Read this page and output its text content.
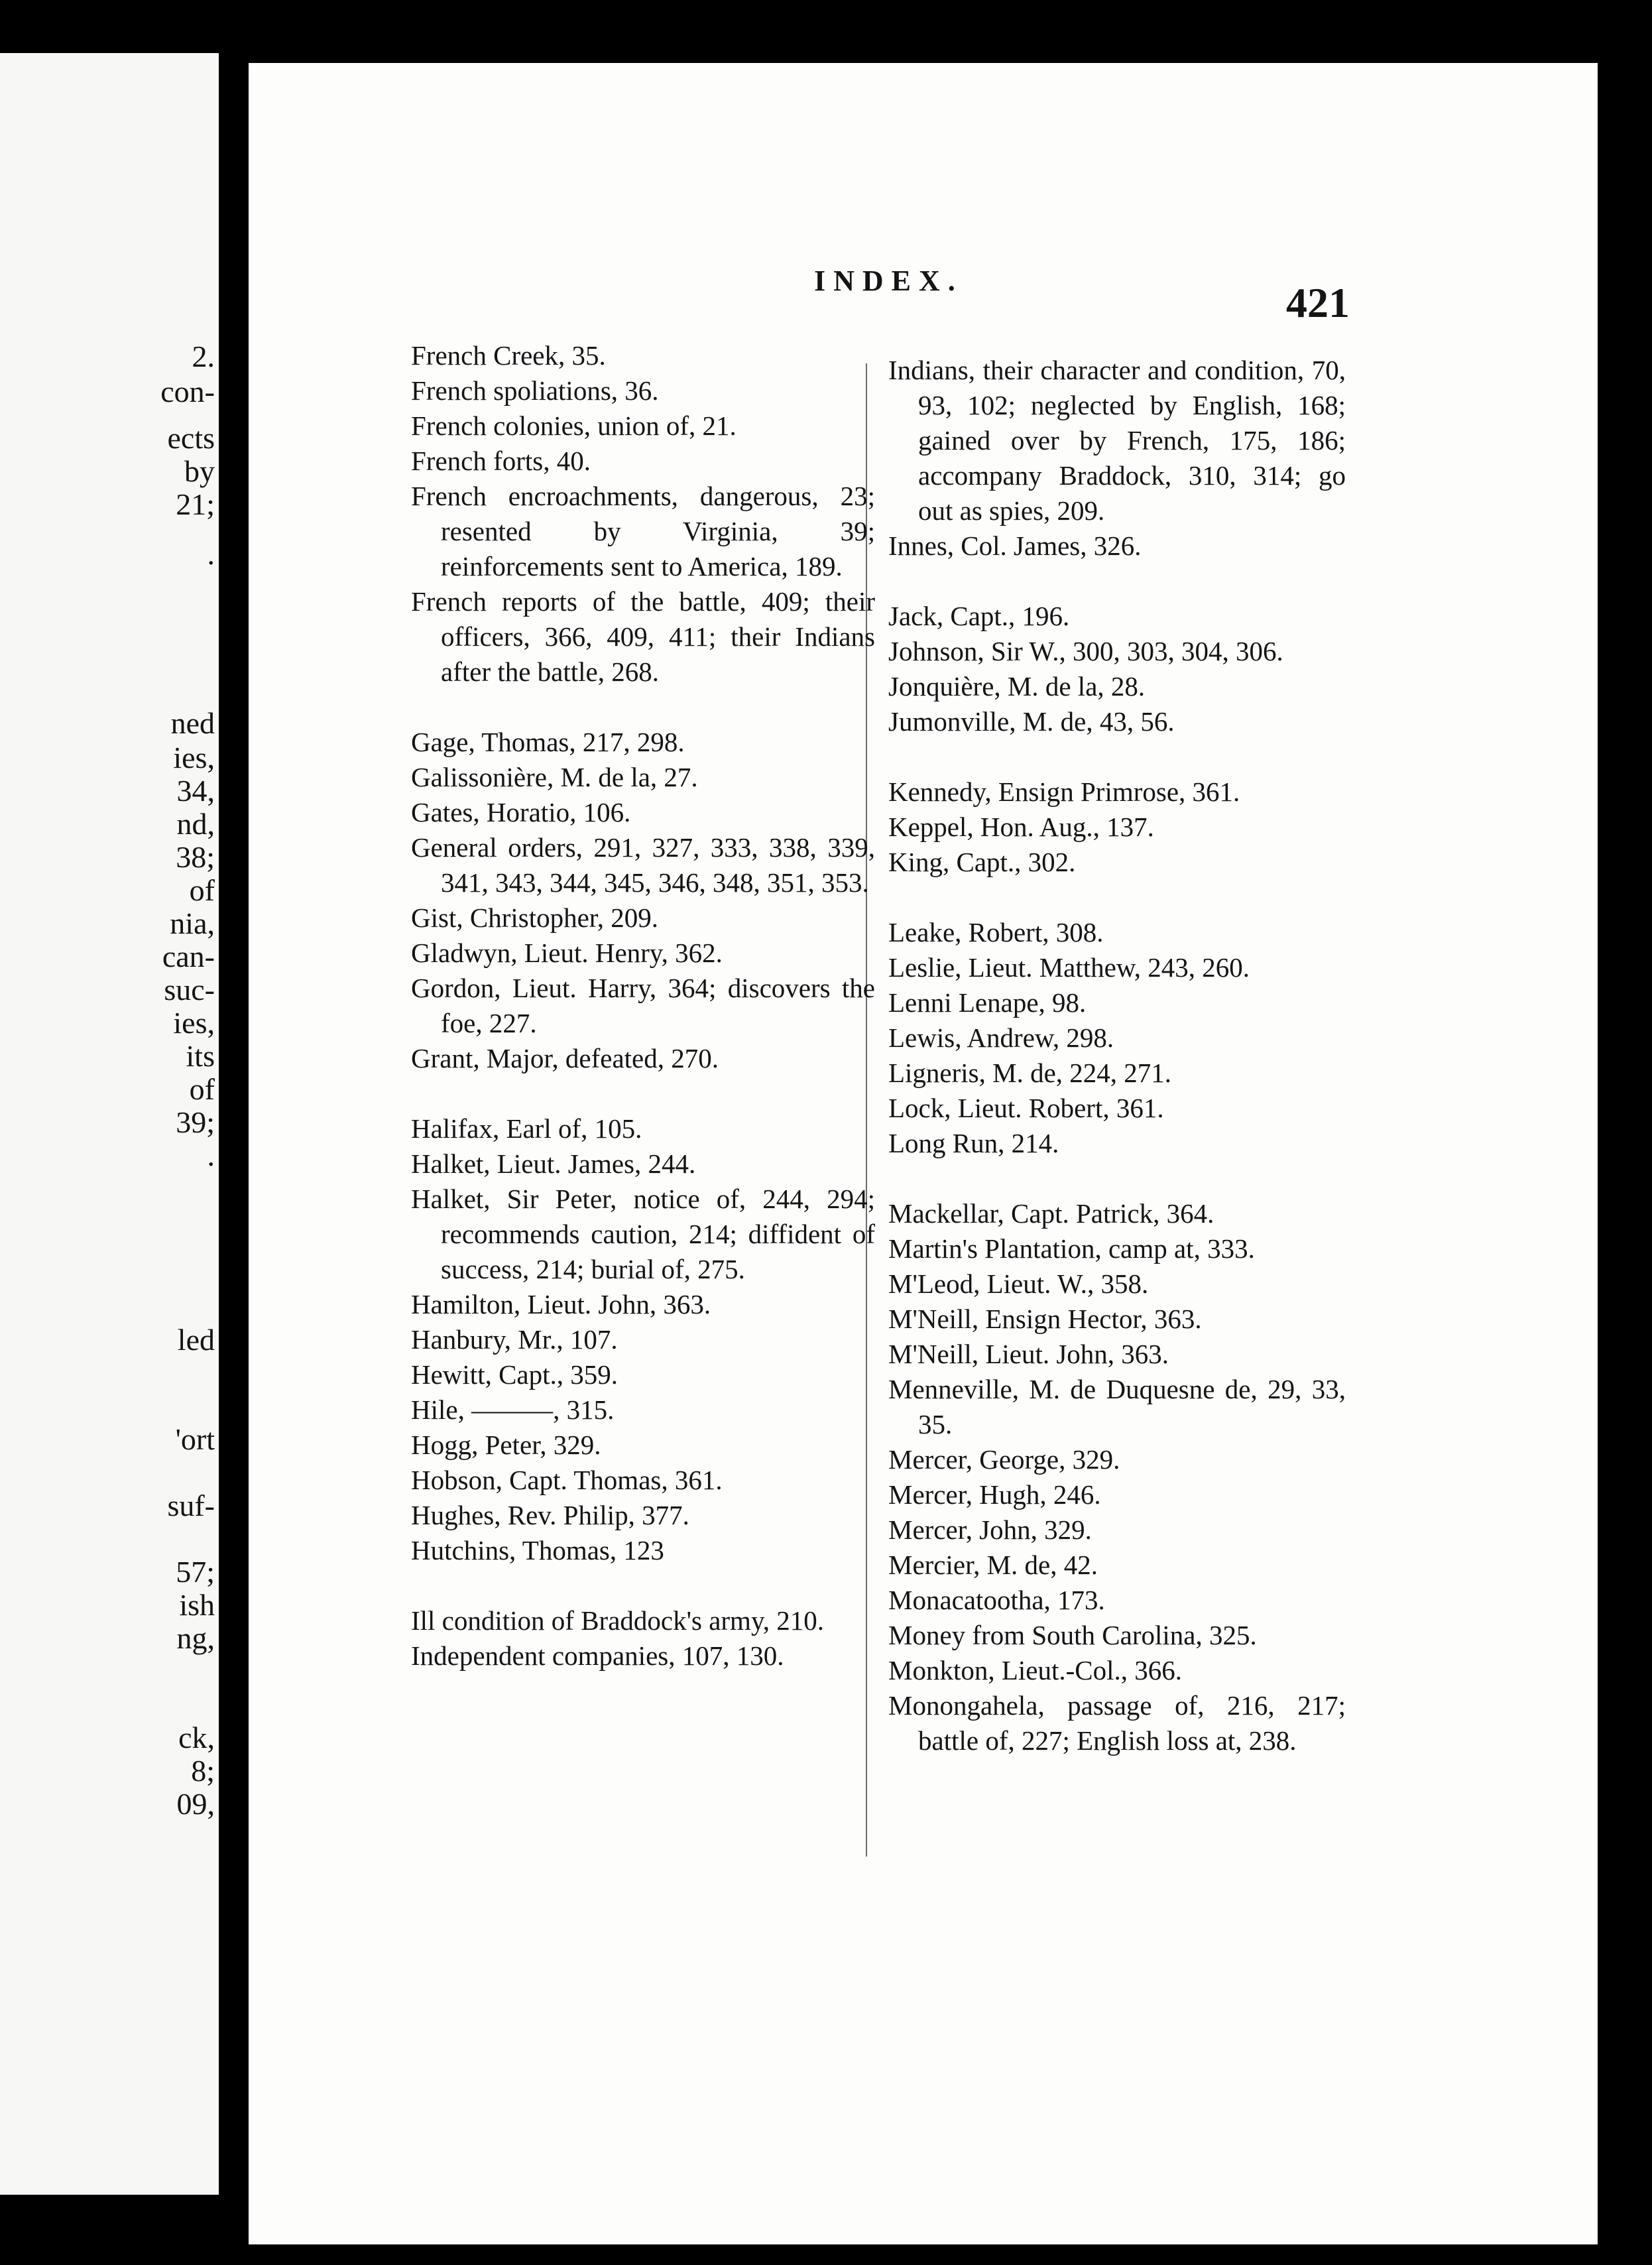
2.
con-
ects
by
21;
.
ned
ies,
34,
nd,
38;
of
nia,
can-
suc-
ies,
its
of
39;
.
led
'ort
suf-
57;
ish
ng,
ck,
8;
09,
INDEX.	421
French Creek, 35.
French spoliations, 36.
French colonies, union of, 21.
French forts, 40.
French encroachments, dangerous, 23; resented by Virginia, 39; reinforcements sent to America, 189.
French reports of the battle, 409; their officers, 366, 409, 411; their Indians after the battle, 268.
Gage, Thomas, 217, 298.
Galissonière, M. de la, 27.
Gates, Horatio, 106.
General orders, 291, 327, 333, 338, 339, 341, 343, 344, 345, 346, 348, 351, 353.
Gist, Christopher, 209.
Gladwyn, Lieut. Henry, 362.
Gordon, Lieut. Harry, 364; discovers the foe, 227.
Grant, Major, defeated, 270.
Halifax, Earl of, 105.
Halket, Lieut. James, 244.
Halket, Sir Peter, notice of, 244, 294; recommends caution, 214; diffident of success, 214; burial of, 275.
Hamilton, Lieut. John, 363.
Hanbury, Mr., 107.
Hewitt, Capt., 359.
Hile, ———, 315.
Hogg, Peter, 329.
Hobson, Capt. Thomas, 361.
Hughes, Rev. Philip, 377.
Hutchins, Thomas, 123
Ill condition of Braddock's army, 210.
Independent companies, 107, 130.
Indians, their character and condition, 70, 93, 102; neglected by English, 168; gained over by French, 175, 186; accompany Braddock, 310, 314; go out as spies, 209.
Innes, Col. James, 326.
Jack, Capt., 196.
Johnson, Sir W., 300, 303, 304, 306.
Jonquière, M. de la, 28.
Jumonville, M. de, 43, 56.
Kennedy, Ensign Primrose, 361.
Keppel, Hon. Aug., 137.
King, Capt., 302.
Leake, Robert, 308.
Leslie, Lieut. Matthew, 243, 260.
Lenni Lenape, 98.
Lewis, Andrew, 298.
Ligneris, M. de, 224, 271.
Lock, Lieut. Robert, 361.
Long Run, 214.
Mackellar, Capt. Patrick, 364.
Martin's Plantation, camp at, 333.
M'Leod, Lieut. W., 358.
M'Neill, Ensign Hector, 363.
M'Neill, Lieut. John, 363.
Menneville, M. de Duquesne de, 29, 33, 35.
Mercer, George, 329.
Mercer, Hugh, 246.
Mercer, John, 329.
Mercier, M. de, 42.
Monacatootha, 173.
Money from South Carolina, 325.
Monkton, Lieut.-Col., 366.
Monongahela, passage of, 216, 217; battle of, 227; English loss at, 238.
